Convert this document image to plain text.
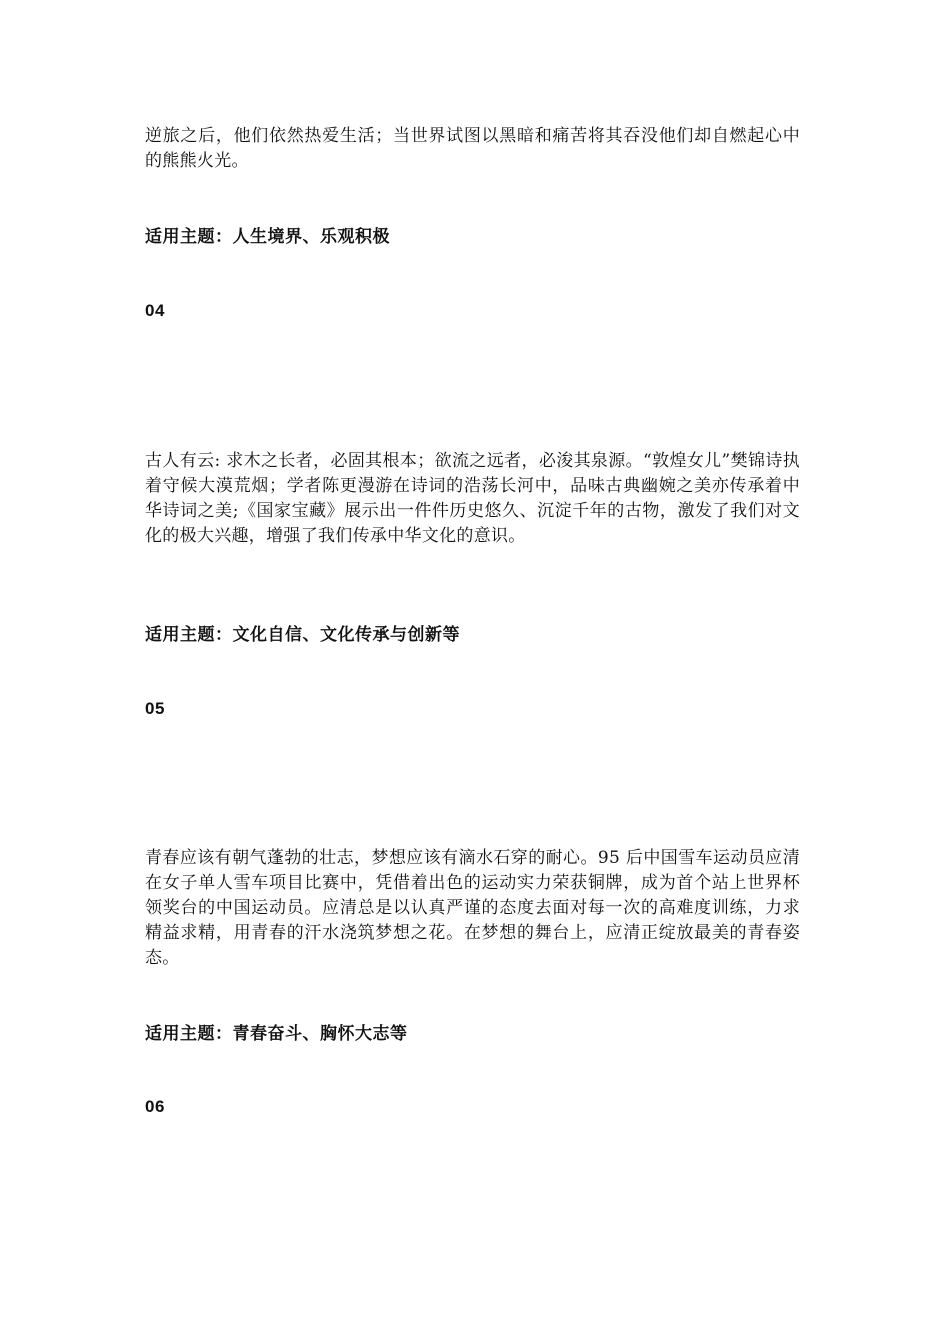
逆旅之后，他们依然热爱生活；当世界试图以黑暗和痛苦将其吞没他们却自燃起心中的熊熊火光。

适用主题：人生境界、乐观积极

04

古人有云: 求木之长者，必固其根本；欲流之远者，必浚其泉源。“敦煌女儿”樊锦诗执着守候大漠荒烟；学者陈更漫游在诗词的浩荡长河中，品味古典幽婉之美亦传承着中华诗词之美;《国家宝藏》展示出一件件历史悠久、沉淀千年的古物，激发了我们对文化的极大兴趣，增强了我们传承中华文化的意识。

适用主题：文化自信、文化传承与创新等

05

青春应该有朝气蓬勃的壮志，梦想应该有滴水石穿的耐心。95 后中国雪车运动员应清在女子单人雪车项目比赛中，凭借着出色的运动实力荣获铜牌，成为首个站上世界杯领奖台的中国运动员。应清总是以认真严谨的态度去面对每一次的高难度训练，力求精益求精，用青春的汗水浇筑梦想之花。在梦想的舞台上，应清正绽放最美的青春姿态。

适用主题：青春奋斗、胸怀大志等

06
